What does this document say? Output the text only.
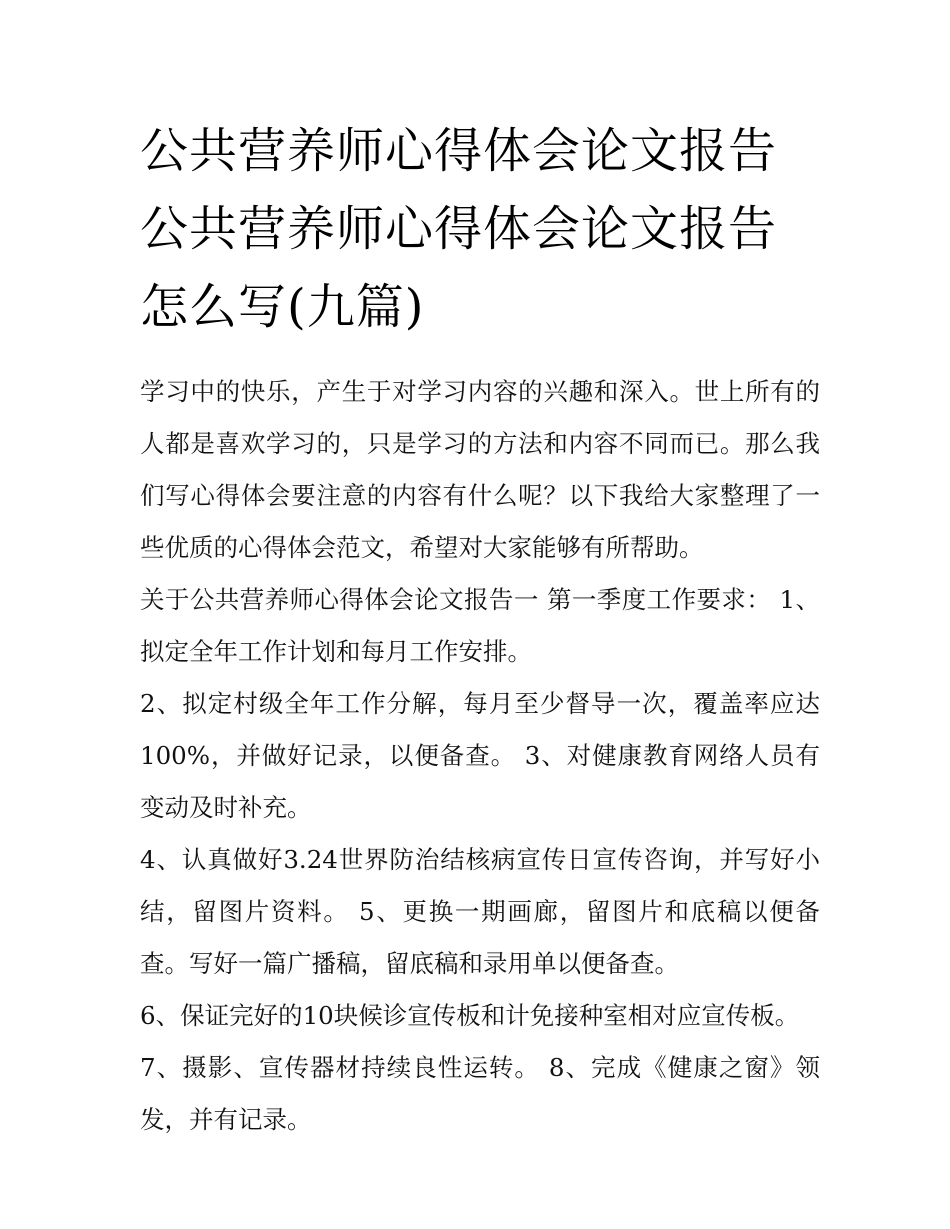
公共营养师心得体会论文报告
公共营养师心得体会论文报告
怎么写(九篇)

学习中的快乐，产生于对学习内容的兴趣和深入。世上所有的人都是喜欢学习的，只是学习的方法和内容不同而已。那么我们写心得体会要注意的内容有什么呢？以下我给大家整理了一些优质的心得体会范文，希望对大家能够有所帮助。

关于公共营养师心得体会论文报告一 第一季度工作要求： 1、拟定全年工作计划和每月工作安排。

2、拟定村级全年工作分解，每月至少督导一次，覆盖率应达100%，并做好记录，以便备查。 3、对健康教育网络人员有变动及时补充。

4、认真做好3.24世界防治结核病宣传日宣传咨询，并写好小结，留图片资料。 5、更换一期画廊，留图片和底稿以便备查。写好一篇广播稿，留底稿和录用单以便备查。

6、保证完好的10块候诊宣传板和计免接种室相对应宣传板。

7、摄影、宣传器材持续良性运转。 8、完成《健康之窗》领发，并有记录。
